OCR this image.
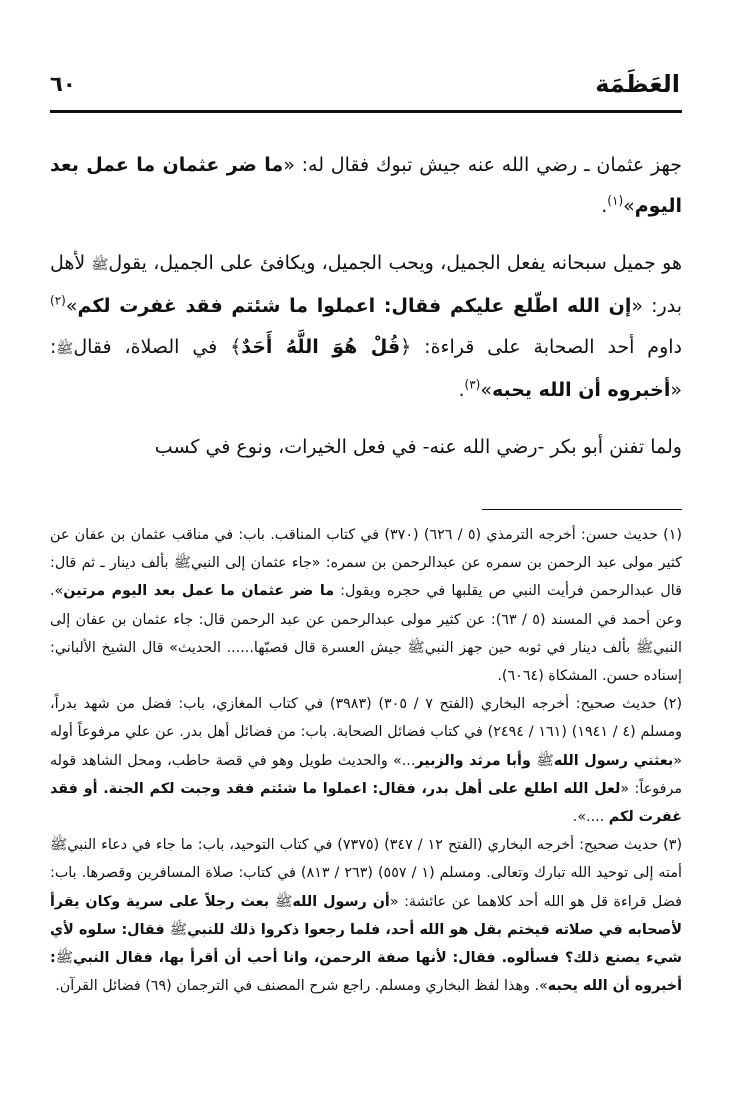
٦٠	العَظَمَة

جهز عثمان ـ رضي الله عنه جيش تبوك فقال له: «ما ضر عثمان ما عمل بعد اليوم»$^{(١)}$.

هو جميل سبحانه يفعل الجميل، ويحب الجميل، ويكافئ على الجميل، يقولﷺ لأهل بدر: «إن الله اطّلع عليكم فقال: اعملوا ما شئتم فقد غفرت لكم»$^{(٢)}$ داوم أحد الصحابة على قراءة: ﴿قُلْ هُوَ اللَّهُ أَحَدٌ﴾ في الصلاة، فقالﷺ: «أخبروه أن الله يحبه»$^{(٣)}$.

ولما تفنن أبو بكر -رضي الله عنه- في فعل الخيرات، ونوع في كسب

(١) حديث حسن: أخرجه الترمذي (٥ / ٦٢٦) (٣٧٠) في كتاب المناقب. باب: في مناقب عثمان بن عفان عن كثير مولى عبد الرحمن بن سمره عن عبدالرحمن بن سمره: «جاء عثمان إلى النبيﷺ بألف دينار ـ ثم قال: قال عبدالرحمن فرأيت النبي ص يقلبها في حجره ويقول: ما ضر عثمان ما عمل بعد اليوم مرتين». وعن أحمد في المسند (٥ / ٦٣): عن كثير مولى عبدالرحمن عن عبد الرحمن قال: جاء عثمان بن عفان إلى النبيﷺ بألف دينار في ثوبه حين جهز النبيﷺ جيش العسرة قال فصبّها...... الحديث» قال الشيخ الألباني: إسناده حسن. المشكاة (٦٠٦٤).

(٢) حديث صحيح: أخرجه البخاري (الفتح ٧ / ٣٠٥) (٣٩٨٣) في كتاب المغازي، باب: فضل من شهد بدراً، ومسلم (٤ / ١٩٤١) (١٦١ / ٢٤٩٤) في كتاب فضائل الصحابة. باب: من فضائل أهل بدر. عن علي مرفوعاً أوله «بعثني رسول اللهﷺ وأبا مرثد والزبير...» والحديث طويل وهو في قصة حاطب، ومحل الشاهد قوله مرفوعاً: «لعل الله اطلع على أهل بدر، فقال: اعملوا ما شئتم فقد وجبت لكم الجنة. أو فقد غفرت لكم ....».

(٣) حديث صحيح: أخرجه البخاري (الفتح ١٢ / ٣٤٧) (٧٣٧٥) في كتاب التوحيد، باب: ما جاء في دعاء النبيﷺ أمته إلى توحيد الله تبارك وتعالى. ومسلم (١ / ٥٥٧) (٢٦٣ / ٨١٣) في كتاب: صلاة المسافرين وقصرها. باب: فضل قراءة قل هو الله أحد كلاهما عن عائشة: «أن رسول اللهﷺ بعث رجلاً على سرية وكان يقرأ لأصحابه في صلاته فيختم بقل هو الله أحد، فلما رجعوا ذكروا ذلك للنبيﷺ فقال: سلوه لأي شيء يصنع ذلك؟ فسألوه. فقال: لأنها صفة الرحمن، وانا أحب أن أقرأ بها، فقال النبيﷺ: أخبروه أن الله يحبه». وهذا لفظ البخاري ومسلم. راجع شرح المصنف في الترجمان (٦٩) فضائل القرآن.
